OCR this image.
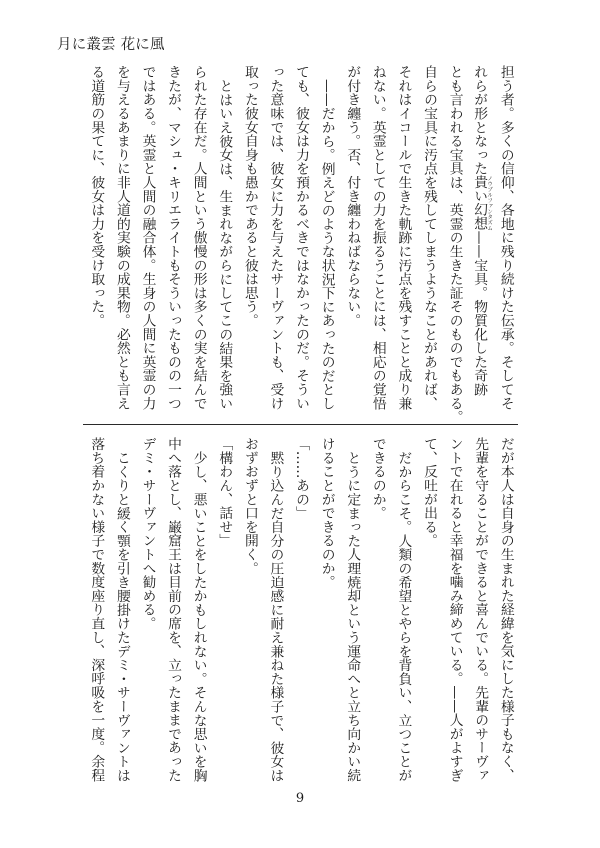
月に叢雲 花に風

担う者。多くの信仰、各地に残り続けた伝承。そしてそ

れらが形となった貴い幻想 ノウブルファンタズム——宝具。物質化した奇跡

とも言われる宝具は、英霊の生きた証そのものでもある。

自らの宝具に汚点を残してしまうようなことがあれば、

それはイコールで生きた軌跡に汚点を残すことと成り兼

ねない。英霊としての力を振るうことには、相応の覚悟

が付き纏う。否、付き纏わねばならない。

——だから。例えどのような状況下にあったのだとし

ても、彼女は力を預かるべきではなかったのだ。そうい

った意味では、彼女に力を与えたサーヴァントも、受け

取った彼女自身も愚かであると彼は思う。

とはいえ彼女は、生まれながらにしてこの結果を強い

られた存在だ。人間という傲慢の形は多くの実を結んで

きたが、マシュ・キリエライトもそういったものの一つ

ではある。英霊と人間の融合体。生身の人間に英霊の力

を与えるあまりに非人道的実験の成果物。必然とも言え

る道筋の果てに、彼女は力を受け取った。

だが本人は自身の生まれた経緯を気にした様子もなく、

先輩を守ることができると喜んでいる。先輩のサーヴァ

ントで在れると幸福を噛み締めている。——人がよすぎ

て、反吐が出る。

だからこそ。人類の希望とやらを背負い、立つことが

できるのか。

とうに定まった人理焼却という運命へと立ち向かい続

けることができるのか。

「……あの」

黙り込んだ自分の圧迫感に耐え兼ねた様子で、彼女は

おずおずと口を開く。

「構わん、話せ」

少し、悪いことをしたかもしれない。そんな思いを胸

中へ落とし、巌窟王は目前の席を、立ったままであった

デミ・サーヴァントへ勧める。

こくりと緩く顎を引き腰掛けたデミ・サーヴァントは

落ち着かない様子で数度座り直し、深呼吸を一度。余程

9
